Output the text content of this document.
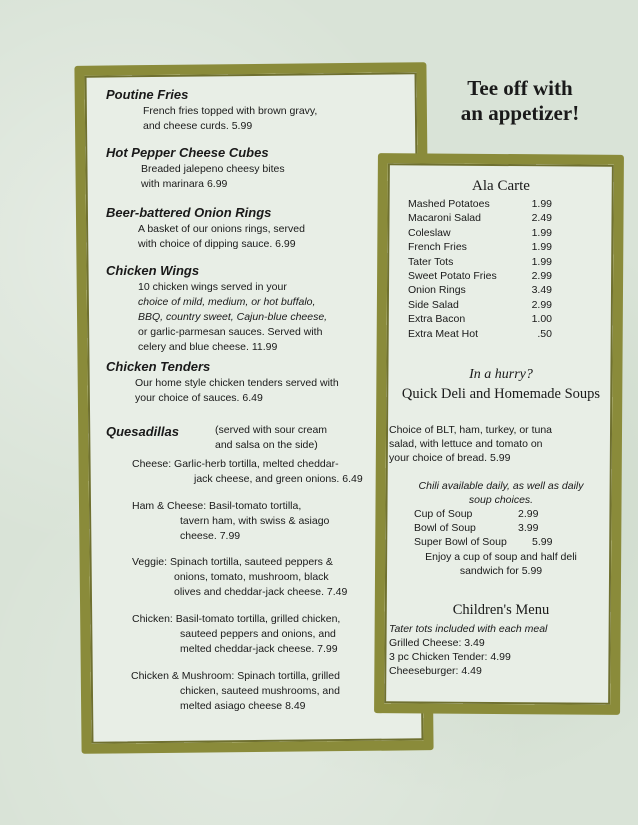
Poutine Fries
French fries topped with brown gravy,
and cheese curds. 5.99
Hot Pepper Cheese Cubes
Breaded jalepeno cheesy bites
with marinara 6.99
Beer-battered Onion Rings
A basket of our onions rings, served
with choice of dipping sauce. 6.99
Chicken Wings
10 chicken wings served in your
choice of mild, medium, or hot buffalo,
BBQ, country sweet, Cajun-blue cheese,
or garlic-parmesan sauces. Served with
celery and blue cheese. 11.99
Chicken Tenders
Our home style chicken tenders served with
your choice of sauces. 6.49
Quesadillas	(served with sour cream
and salsa on the side)
Cheese: Garlic-herb tortilla, melted cheddar-
jack cheese, and green onions. 6.49
Ham & Cheese: Basil-tomato tortilla,
tavern ham, with swiss & asiago
cheese. 7.99
Veggie: Spinach tortilla, sauteed peppers &
onions, tomato, mushroom, black
olives and cheddar-jack cheese. 7.49
Chicken: Basil-tomato tortilla, grilled chicken,
sauteed peppers and onions, and
melted cheddar-jack cheese. 7.99
Chicken & Mushroom: Spinach tortilla, grilled
chicken, sauteed mushrooms, and
melted asiago cheese 8.49
Tee off with
an appetizer!
Ala Carte
Mashed Potatoes	1.99
Macaroni Salad	2.49
Coleslaw	1.99
French Fries	1.99
Tater Tots	1.99
Sweet Potato Fries	2.99
Onion Rings	3.49
Side Salad	2.99
Extra Bacon	1.00
Extra Meat Hot	.50
In a hurry?
Quick Deli and Homemade Soups
Choice of BLT, ham, turkey, or tuna
salad, with lettuce and tomato on
your choice of bread. 5.99
Chili available daily, as well as daily
soup choices.
Cup of Soup	2.99
Bowl of Soup	3.99
Super Bowl of Soup	5.99
Enjoy a cup of soup and half deli
sandwich for 5.99
Children's Menu
Tater tots included with each meal
Grilled Cheese: 3.49
3 pc Chicken Tender: 4.99
Cheeseburger: 4.49
